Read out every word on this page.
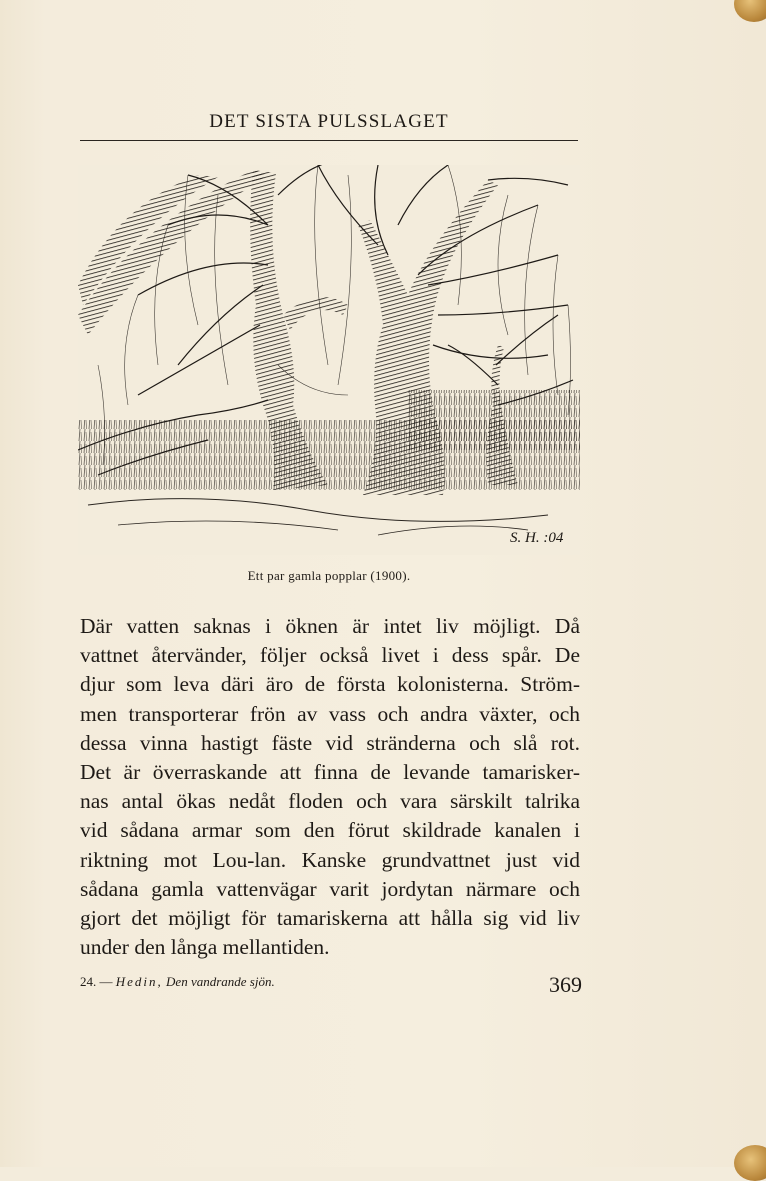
DET SISTA PULSSLAGET
S. H. :04
Ett par gamla popplar (1900).
Där vatten saknas i öknen är intet liv möjligt. Då
vattnet återvänder, följer också livet i dess spår. De
djur som leva däri äro de första kolonisterna. Ström-
men transporterar frön av vass och andra växter, och
dessa vinna hastigt fäste vid stränderna och slå rot.
Det är överraskande att finna de levande tamarisker-
nas antal ökas nedåt floden och vara särskilt talrika
vid sådana armar som den förut skildrade kanalen i
riktning mot Lou-lan. Kanske grundvattnet just vid
sådana gamla vattenvägar varit jordytan närmare och
gjort det möjligt för tamariskerna att hålla sig vid liv
under den långa mellantiden.
24. — Hedin, Den vandrande sjön.	369
